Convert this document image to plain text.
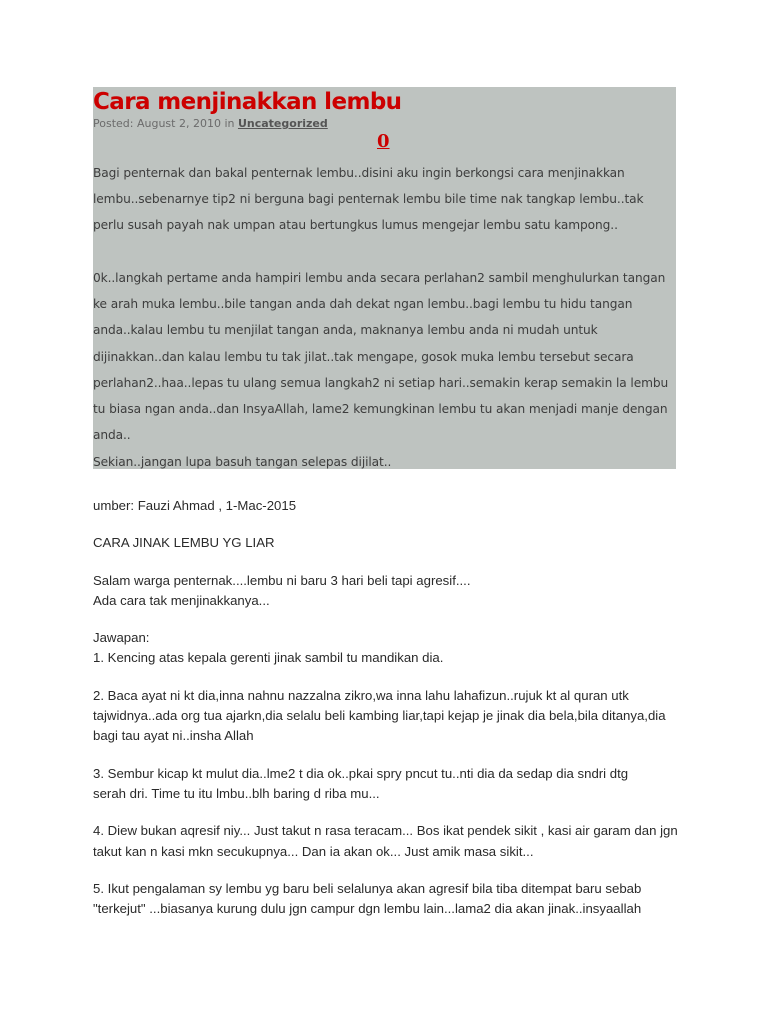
Cara menjinakkan lembu
Posted: August 2, 2010 in Uncategorized
0
Bagi penternak dan bakal penternak lembu..disini aku ingin berkongsi cara menjinakkan lembu..sebenarnye tip2 ni berguna bagi penternak lembu bile time nak tangkap lembu..tak perlu susah payah nak umpan atau bertungkus lumus mengejar lembu satu kampong..
0k..langkah pertame anda hampiri lembu anda secara perlahan2 sambil menghulurkan tangan ke arah muka lembu..bile tangan anda dah dekat ngan lembu..bagi lembu tu hidu tangan anda..kalau lembu tu menjilat tangan anda, maknanya lembu anda ni mudah untuk dijinakkan..dan kalau lembu tu tak jilat..tak mengape, gosok muka lembu tersebut secara perlahan2..haa..lepas tu ulang semua langkah2 ni setiap hari..semakin kerap semakin la lembu tu biasa ngan anda..dan InsyaAllah, lame2 kemungkinan lembu tu akan menjadi manje dengan anda..
Sekian..jangan lupa basuh tangan selepas dijilat..

umber: Fauzi Ahmad , 1-Mac-2015

CARA JINAK LEMBU YG LIAR

Salam warga penternak....lembu ni baru 3 hari beli tapi agresif....
Ada cara tak menjinakkanya...

Jawapan:
1. Kencing atas kepala gerenti jinak sambil tu mandikan dia.

2. Baca ayat ni kt dia,inna nahnu nazzalna zikro,wa inna lahu lahafizun..rujuk kt al quran utk tajwidnya..ada org tua ajarkn,dia selalu beli kambing liar,tapi kejap je jinak dia bela,bila ditanya,dia bagi tau ayat ni..insha Allah

3. Sembur kicap kt mulut dia..lme2 t dia ok..pkai spry pncut tu..nti dia da sedap dia sndri dtg serah dri. Time tu itu lmbu..blh baring d riba mu...

4. Diew bukan aqresif niy... Just takut n rasa teracam... Bos ikat pendek sikit , kasi air garam dan jgn takut kan n kasi mkn secukupnya... Dan ia akan ok... Just amik masa sikit...

5. Ikut pengalaman sy lembu yg baru beli selalunya akan agresif bila tiba ditempat baru sebab "terkejut" ...biasanya kurung dulu jgn campur dgn lembu lain...lama2 dia akan jinak..insyaallah
